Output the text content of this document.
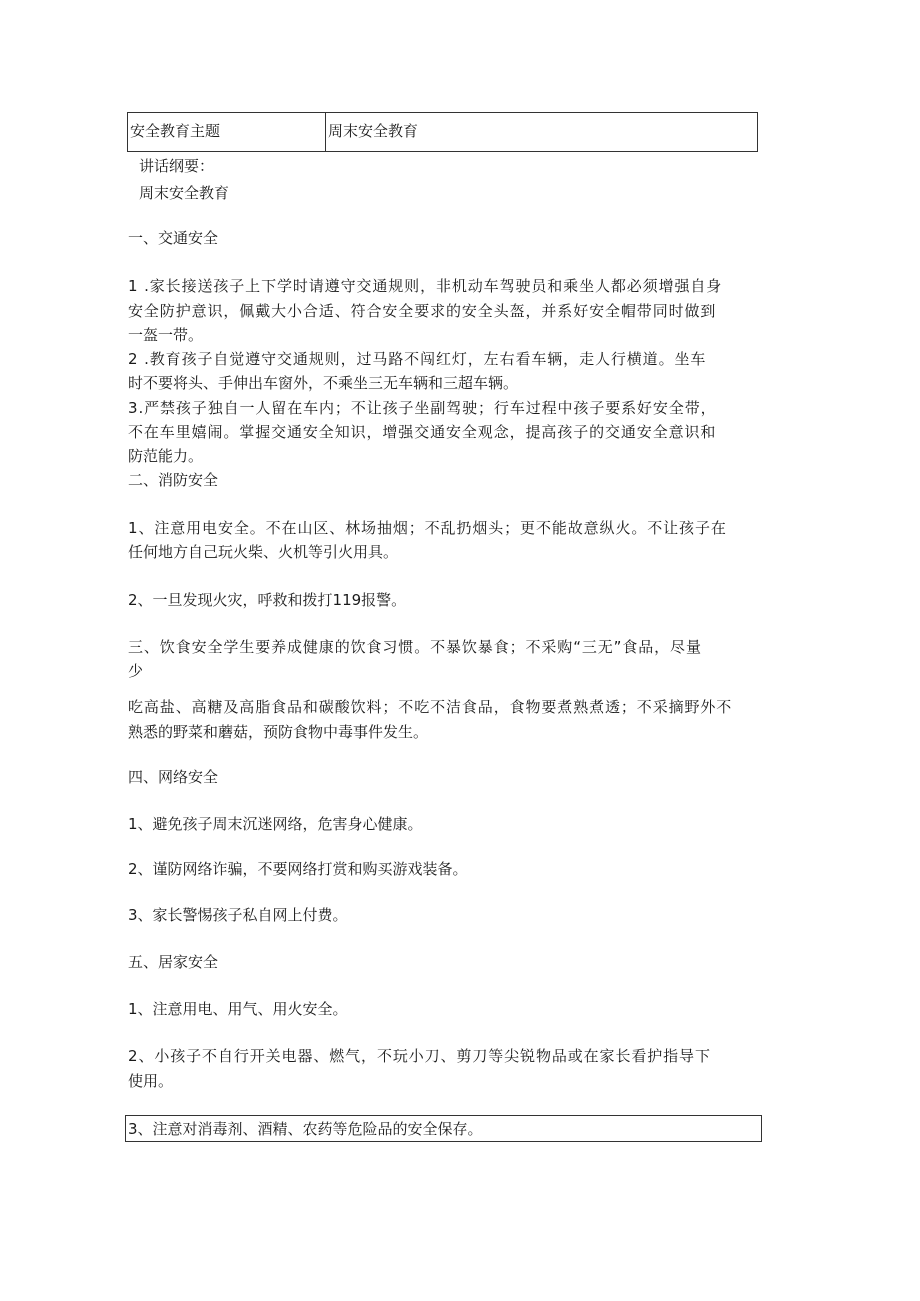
安全教育主题	周末安全教育
讲话纲要：
周末安全教育
一、交通安全
1 .家长接送孩子上下学时请遵守交通规则，非机动车驾驶员和乘坐人都必须增强自身
安全防护意识，佩戴大小合适、符合安全要求的安全头盔，并系好安全帽带同时做到
一盔一带。
2 .教育孩子自觉遵守交通规则，过马路不闯红灯，左右看车辆，走人行横道。坐车
时不要将头、手伸出车窗外，不乘坐三无车辆和三超车辆。
3.严禁孩子独自一人留在车内；不让孩子坐副驾驶；行车过程中孩子要系好安全带，
不在车里嬉闹。掌握交通安全知识，增强交通安全观念，提高孩子的交通安全意识和
防范能力。
二、消防安全
1、注意用电安全。不在山区、林场抽烟；不乱扔烟头；更不能故意纵火。不让孩子在
任何地方自己玩火柴、火机等引火用具。
2、一旦发现火灾，呼救和拨打119报警。
三、饮食安全学生要养成健康的饮食习惯。不暴饮暴食；不采购“三无”食品，尽量
少
吃高盐、高糖及高脂食品和碳酸饮料；不吃不洁食品，食物要煮熟煮透；不采摘野外不
熟悉的野菜和蘑菇，预防食物中毒事件发生。
四、网络安全
1、避免孩子周末沉迷网络，危害身心健康。
2、谨防网络诈骗，不要网络打赏和购买游戏装备。
3、家长警惕孩子私自网上付费。
五、居家安全
1、注意用电、用气、用火安全。
2、小孩子不自行开关电器、燃气，不玩小刀、剪刀等尖锐物品或在家长看护指导下
使用。
3、注意对消毒剂、酒精、农药等危险品的安全保存。
